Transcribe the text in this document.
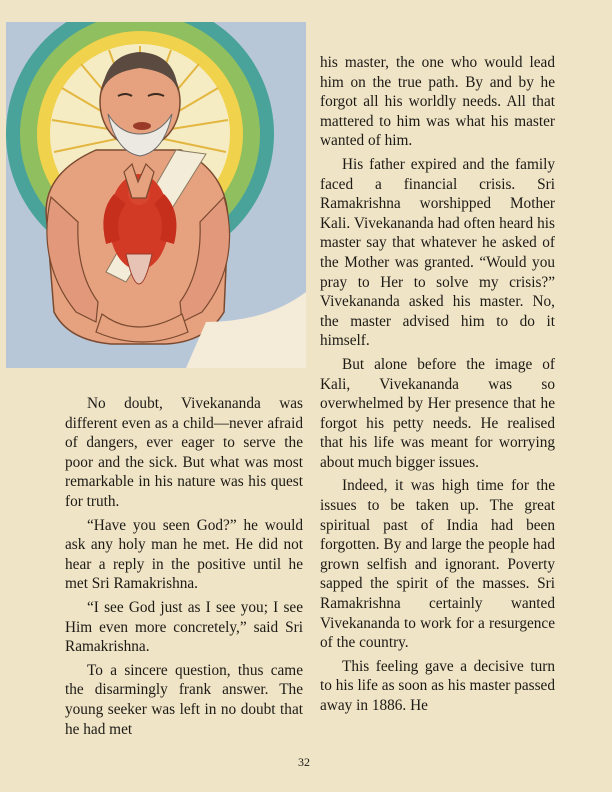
No doubt, Vivekananda was different even as a child—never afraid of dangers, ever eager to serve the poor and the sick. But what was most remarkable in his nature was his quest for truth.

“Have you seen God?” he would ask any holy man he met. He did not hear a reply in the positive until he met Sri Ramakrishna.

“I see God just as I see you; I see Him even more concretely,” said Sri Ramakrishna.

To a sincere question, thus came the disarmingly frank answer. The young seeker was left in no doubt that he had met

his master, the one who would lead him on the true path. By and by he forgot all his worldly needs. All that mattered to him was what his master wanted of him.

His father expired and the family faced a financial crisis. Sri Ramakrishna worshipped Mother Kali. Vivekananda had often heard his master say that whatever he asked of the Mother was granted. “Would you pray to Her to solve my crisis?” Vivekananda asked his master. No, the master advised him to do it himself.

But alone before the image of Kali, Vivekananda was so overwhelmed by Her presence that he forgot his petty needs. He realised that his life was meant for worrying about much bigger issues.

Indeed, it was high time for the issues to be taken up. The great spiritual past of India had been forgotten. By and large the people had grown selfish and ignorant. Poverty sapped the spirit of the masses. Sri Ramakrishna certainly wanted Vivekananda to work for a resurgence of the country.

This feeling gave a decisive turn to his life as soon as his master passed away in 1886. He

32
